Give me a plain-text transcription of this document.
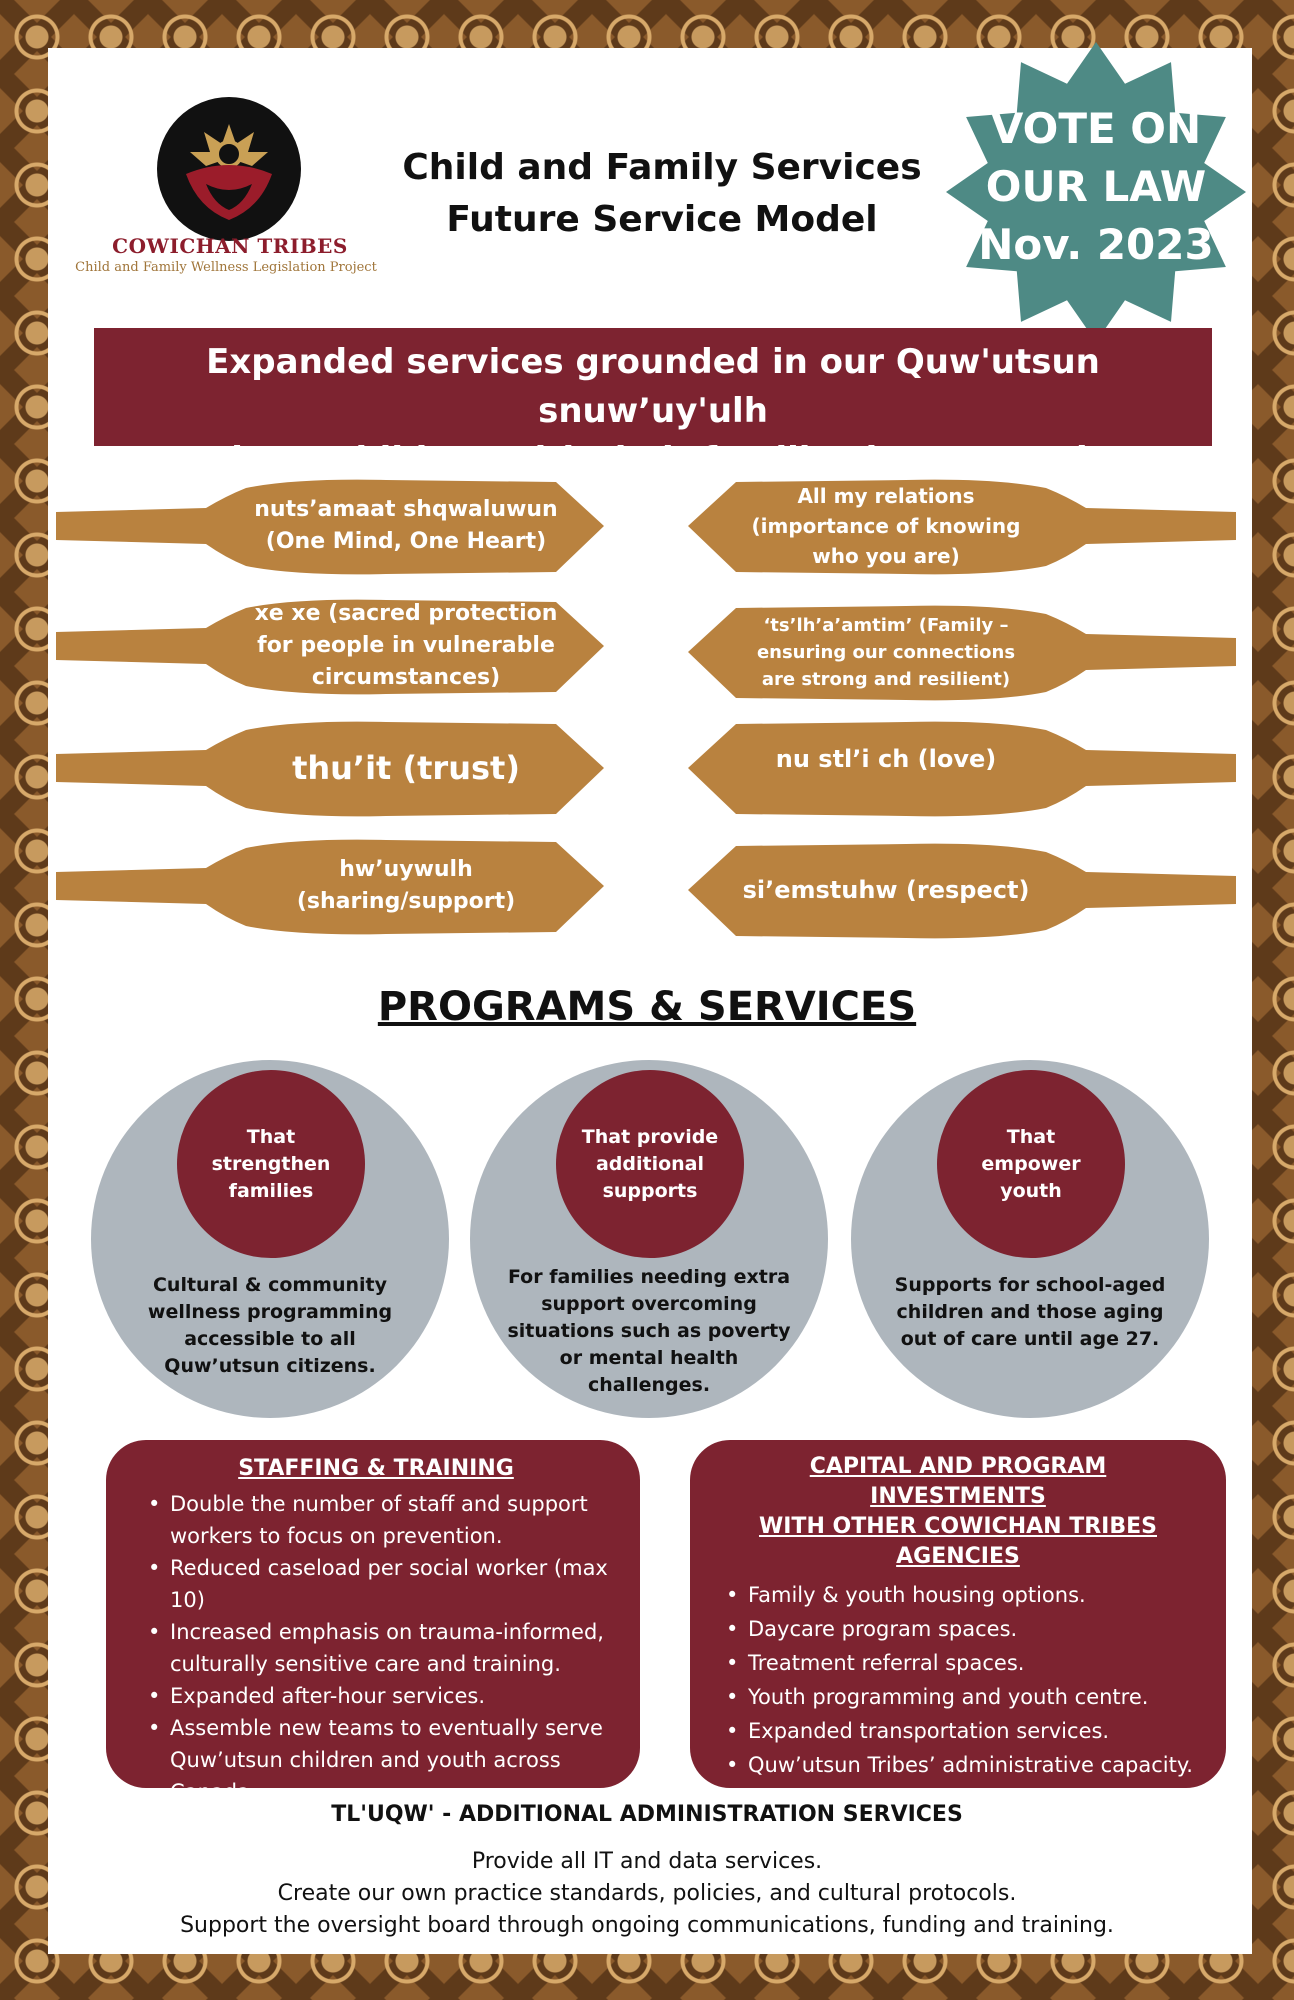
COWICHAN TRIBES
Child and Family Wellness Legislation Project
Child and Family Services
Future Service Model
VOTE ON
OUR LAW
Nov. 2023
Expanded services grounded in our Quw'utsun snuw’uy'ulh
to keep children with their families in community
nuts’amaat shqwaluwun
(One Mind, One Heart)
All my relations
(importance of knowing
who you are)
xe xe (sacred protection
for people in vulnerable
circumstances)
‘ts’lh’a’amtim’ (Family –
ensuring our connections
are strong and resilient)
thu’it (trust)	nu stl’i ch (love)
hw’uywulh
(sharing/support)	si’emstuhw (respect)
PROGRAMS & SERVICES
That
strengthen
families
Cultural & community
wellness programming
accessible to all
Quw’utsun citizens.
That provide
additional
supports
For families needing extra
support overcoming
situations such as poverty
or mental health
challenges.
That
empower
youth
Supports for school-aged
children and those aging
out of care until age 27.
STAFFING & TRAINING
• Double the number of staff and support
workers to focus on prevention.
• Reduced caseload per social worker (max 10)
• Increased emphasis on trauma-informed,
culturally sensitive care and training.
• Expanded after-hour services.
• Assemble new teams to eventually serve
Quw’utsun children and youth across
Canada.
CAPITAL AND PROGRAM INVESTMENTS
WITH OTHER COWICHAN TRIBES AGENCIES
• Family & youth housing options.
• Daycare program spaces.
• Treatment referral spaces.
• Youth programming and youth centre.
• Expanded transportation services.
• Quw’utsun Tribes’ administrative capacity.
TL'UQW' - ADDITIONAL ADMINISTRATION SERVICES
Provide all IT and data services.
Create our own practice standards, policies, and cultural protocols.
Support the oversight board through ongoing communications, funding and training.
